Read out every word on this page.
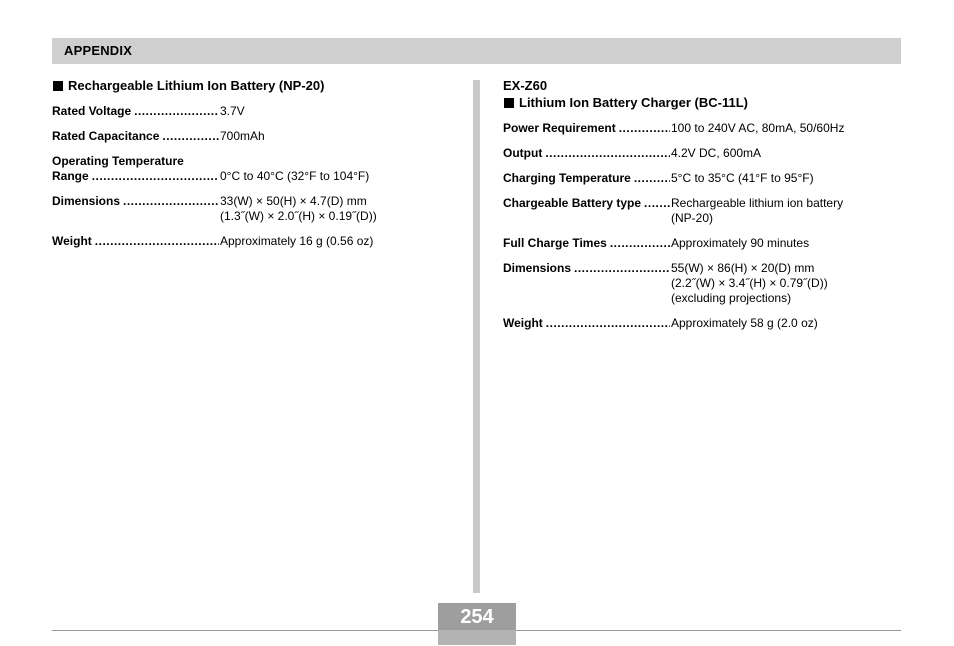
APPENDIX
Rechargeable Lithium Ion Battery (NP-20)
Rated Voltage .....	3.7V
Rated Capacitance .....	700mAh
Operating Temperature
Range .....
	0°C to 40°C (32°F to 104°F)
Dimensions .....	33(W) × 50(H) × 4.7(D) mm
(1.3˝(W) × 2.0˝(H) × 0.19˝(D))
Weight .....	Approximately 16 g (0.56 oz)
EX-Z60
Lithium Ion Battery Charger (BC-11L)
Power Requirement .....	100 to 240V AC, 80mA, 50/60Hz
Output .....	4.2V DC, 600mA
Charging Temperature .....	5°C to 35°C (41°F to 95°F)
Chargeable Battery type ..... Rechargeable lithium ion battery
(NP-20)
Full Charge Times .....	Approximately 90 minutes
Dimensions .....	55(W) × 86(H) × 20(D) mm
(2.2˝(W) × 3.4˝(H) × 0.79˝(D))
(excluding projections)
Weight .....	Approximately 58 g (2.0 oz)
254
